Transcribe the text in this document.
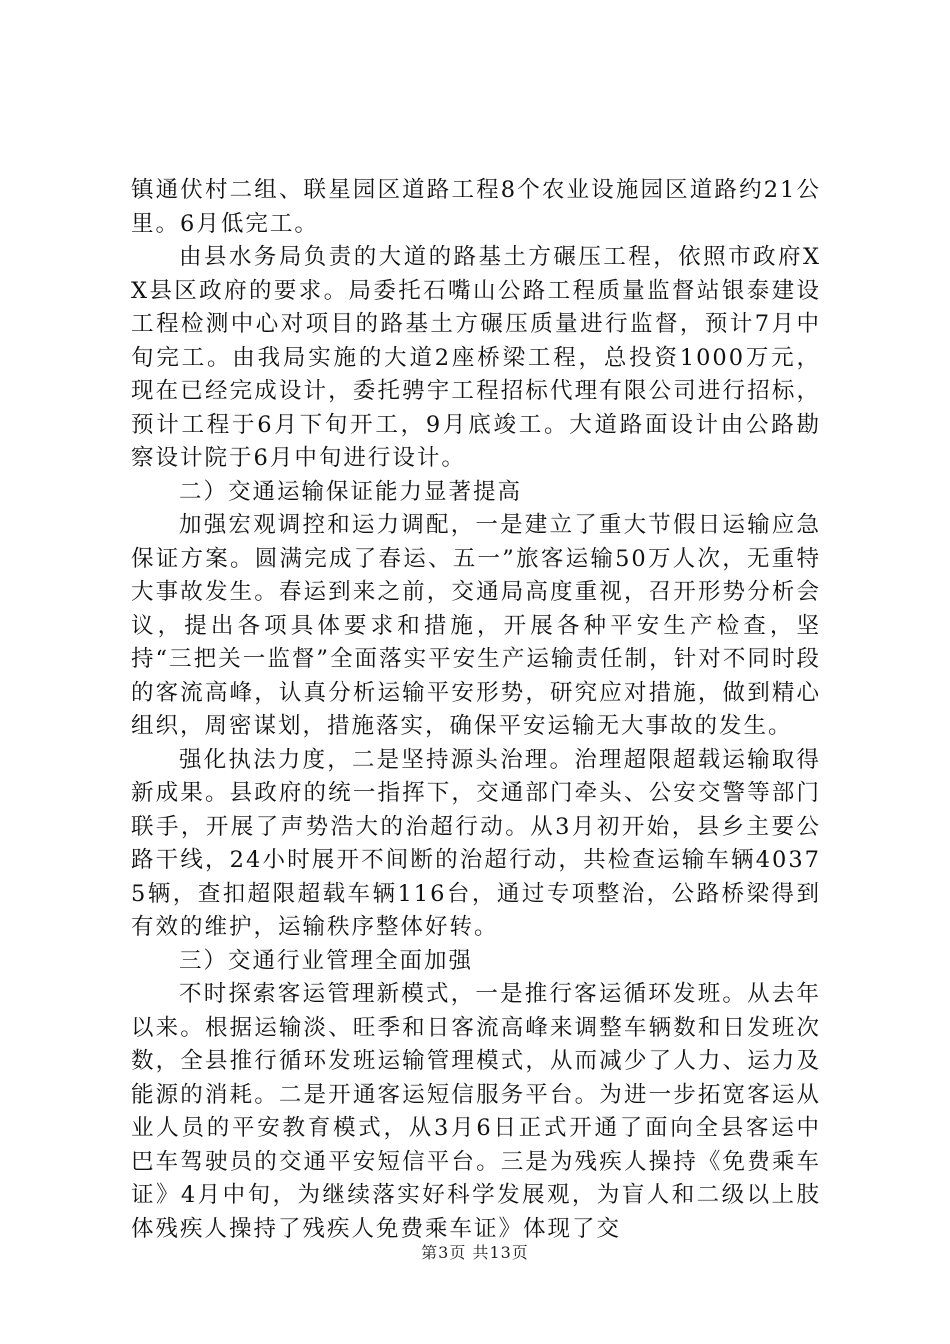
镇通伏村二组、联星园区道路工程8个农业设施园区道路约21公里。6月低完工。

由县水务局负责的大道的路基土方碾压工程，依照市政府XX县区政府的要求。局委托石嘴山公路工程质量监督站银泰建设工程检测中心对项目的路基土方碾压质量进行监督，预计7月中旬完工。由我局实施的大道2座桥梁工程，总投资1000万元，现在已经完成设计，委托骋宇工程招标代理有限公司进行招标，预计工程于6月下旬开工，9月底竣工。大道路面设计由公路勘察设计院于6月中旬进行设计。

二）交通运输保证能力显著提高

加强宏观调控和运力调配，一是建立了重大节假日运输应急保证方案。圆满完成了春运、五一”旅客运输50万人次，无重特大事故发生。春运到来之前，交通局高度重视，召开形势分析会议，提出各项具体要求和措施，开展各种平安生产检查，坚持“三把关一监督”全面落实平安生产运输责任制，针对不同时段的客流高峰，认真分析运输平安形势，研究应对措施，做到精心组织，周密谋划，措施落实，确保平安运输无大事故的发生。

强化执法力度，二是坚持源头治理。治理超限超载运输取得新成果。县政府的统一指挥下，交通部门牵头、公安交警等部门联手，开展了声势浩大的治超行动。从3月初开始，县乡主要公路干线，24小时展开不间断的治超行动，共检查运输车辆40375辆，查扣超限超载车辆116台，通过专项整治，公路桥梁得到有效的维护，运输秩序整体好转。

三）交通行业管理全面加强

不时探索客运管理新模式，一是推行客运循环发班。从去年以来。根据运输淡、旺季和日客流高峰来调整车辆数和日发班次数，全县推行循环发班运输管理模式，从而减少了人力、运力及能源的消耗。二是开通客运短信服务平台。为进一步拓宽客运从业人员的平安教育模式，从3月6日正式开通了面向全县客运中巴车驾驶员的交通平安短信平台。三是为残疾人操持《免费乘车证》4月中旬，为继续落实好科学发展观，为盲人和二级以上肢体残疾人操持了残疾人免费乘车证》体现了交

第3页 共13页
